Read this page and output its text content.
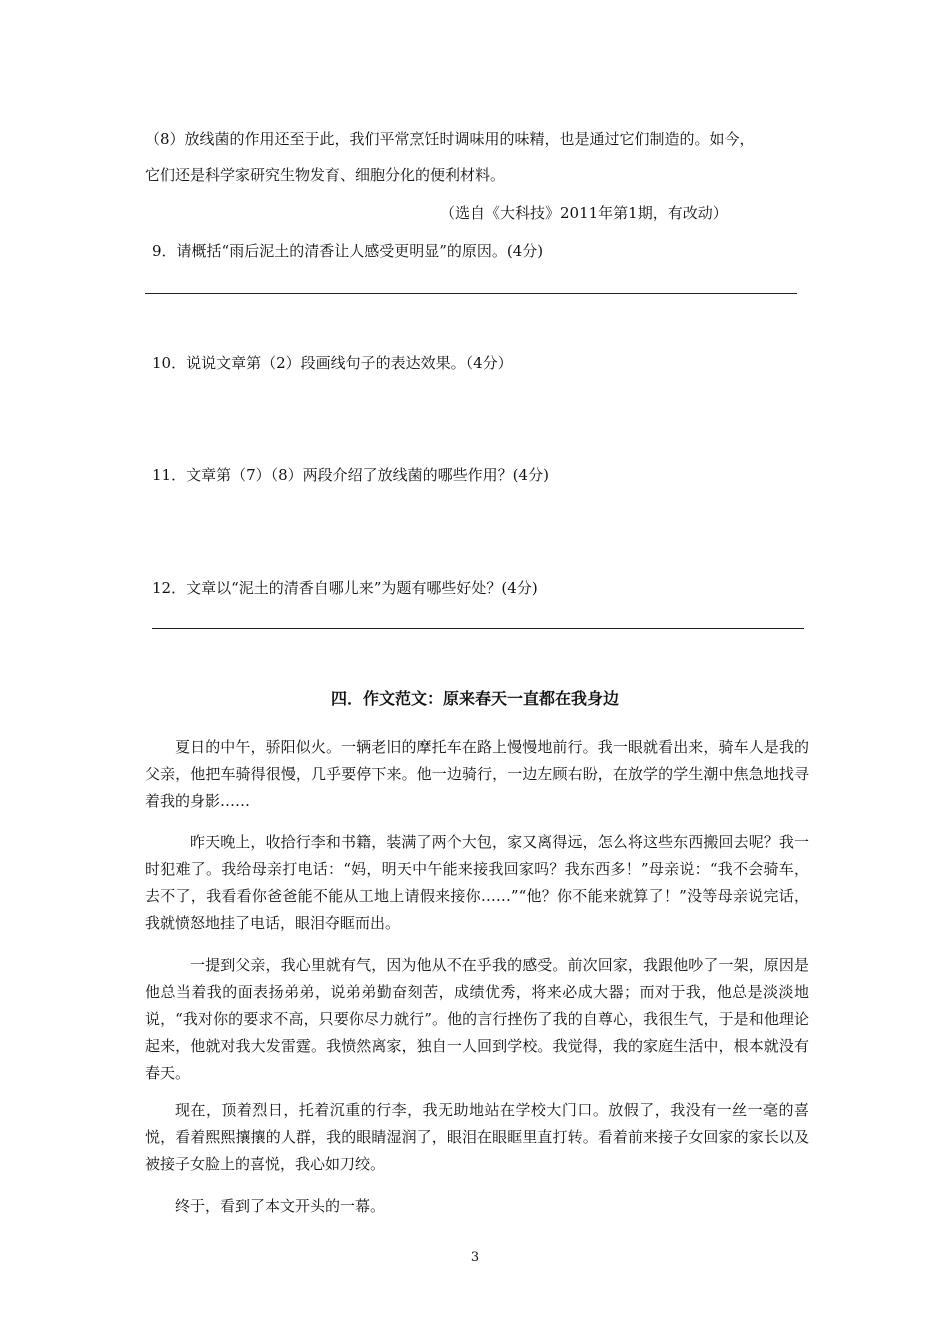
（8）放线菌的作用还至于此，我们平常烹饪时调味用的味精，也是通过它们制造的。如今，
它们还是科学家研究生物发育、细胞分化的便利材料。
（选自《大科技》2011年第1期，有改动）
9．请概括“雨后泥土的清香让人感受更明显”的原因。(4分)
10．说说文章第（2）段画线句子的表达效果。（4分）
11．文章第（7）（8）两段介绍了放线菌的哪些作用？(4分)
12．文章以“泥土的清香自哪儿来”为题有哪些好处？(4分)
四．作文范文：原来春天一直都在我身边
夏日的中午，骄阳似火。一辆老旧的摩托车在路上慢慢地前行。我一眼就看出来，骑车人是我的父亲，他把车骑得很慢，几乎要停下来。他一边骑行，一边左顾右盼，在放学的学生潮中焦急地找寻着我的身影……
昨天晚上，收拾行李和书籍，装满了两个大包，家又离得远，怎么将这些东西搬回去呢？我一时犯难了。我给母亲打电话：“妈，明天中午能来接我回家吗？我东西多！”母亲说：“我不会骑车，去不了，我看看你爸爸能不能从工地上请假来接你……”“他？你不能来就算了！”没等母亲说完话，我就愤怒地挂了电话，眼泪夺眶而出。
一提到父亲，我心里就有气，因为他从不在乎我的感受。前次回家，我跟他吵了一架，原因是他总当着我的面表扬弟弟，说弟弟勤奋刻苦，成绩优秀，将来必成大器；而对于我，他总是淡淡地说，“我对你的要求不高，只要你尽力就行”。他的言行挫伤了我的自尊心，我很生气，于是和他理论起来，他就对我大发雷霆。我愤然离家，独自一人回到学校。我觉得，我的家庭生活中，根本就没有春天。
现在，顶着烈日，托着沉重的行李，我无助地站在学校大门口。放假了，我没有一丝一毫的喜悦，看着熙熙攘攘的人群，我的眼睛湿润了，眼泪在眼眶里直打转。看着前来接子女回家的家长以及被接子女脸上的喜悦，我心如刀绞。
终于，看到了本文开头的一幕。
3
